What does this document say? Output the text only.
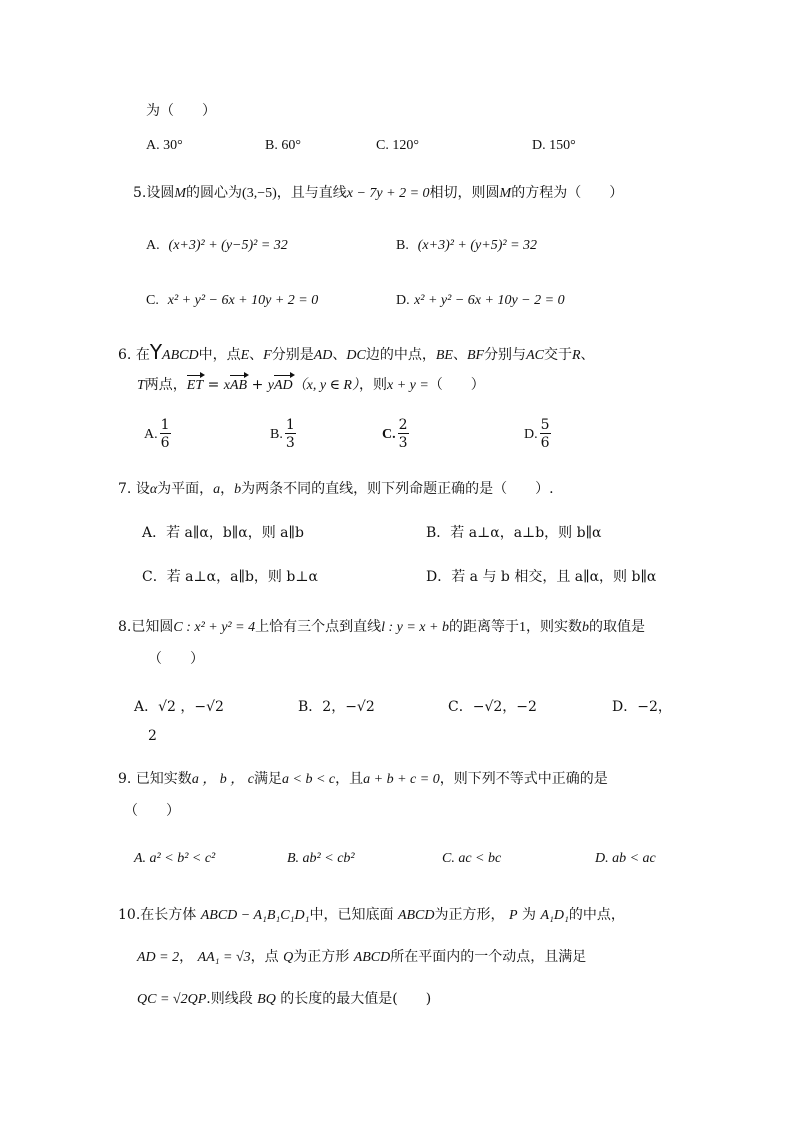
为（　　）
A. 30°	B. 60°	C. 120°	D. 150°
5.设圆M的圆心为(3,−5)，且与直线x − 7y + 2 = 0相切，则圆M的方程为（　　）
A. (x+3)² + (y−5)² = 32	B. (x+3)² + (y+5)² = 32
C. x² + y² − 6x + 10y + 2 = 0	D. x² + y² − 6x + 10y − 2 = 0
6. 在YABCD中，点E、F分别是AD、DC边的中点，BE、BF分别与AC交于R、
T两点，ET = xAB + yAD（x, y ∈ R），则x + y =（　　）
A. $\frac{1}{6}$	B. $\frac{1}{3}$	C. $\frac{2}{3}$	D. $\frac{5}{6}$
7. 设α为平面，a，b为两条不同的直线，则下列命题正确的是（　　）.
A．若 a∥α，b∥α，则 a∥b	B．若 a⊥α，a⊥b，则 b∥α
C．若 a⊥α，a∥b，则 b⊥α	D．若 a 与 b 相交，且 a∥α，则 b∥α
8.已知圆C : x² + y² = 4上恰有三个点到直线l : y = x + b的距离等于1，则实数b的取值是
（　　）
A．√2 ，−√2	B．2，−√2	C．−√2，−2	D．−2，
2
9. 已知实数a ， b ， c满足a < b < c，且a + b + c = 0，则下列不等式中正确的是
（　　）
A. a² < b² < c²	B. ab² < cb²	C. ac < bc	D. ab < ac
10.在长方体 ABCD − A₁B₁C₁D₁中，已知底面 ABCD为正方形， P 为 A₁D₁的中点，
AD = 2， AA₁ = √3，点 Q为正方形 ABCD所在平面内的一个动点，且满足
QC = √2QP.则线段 BQ 的长度的最大值是(　　)
